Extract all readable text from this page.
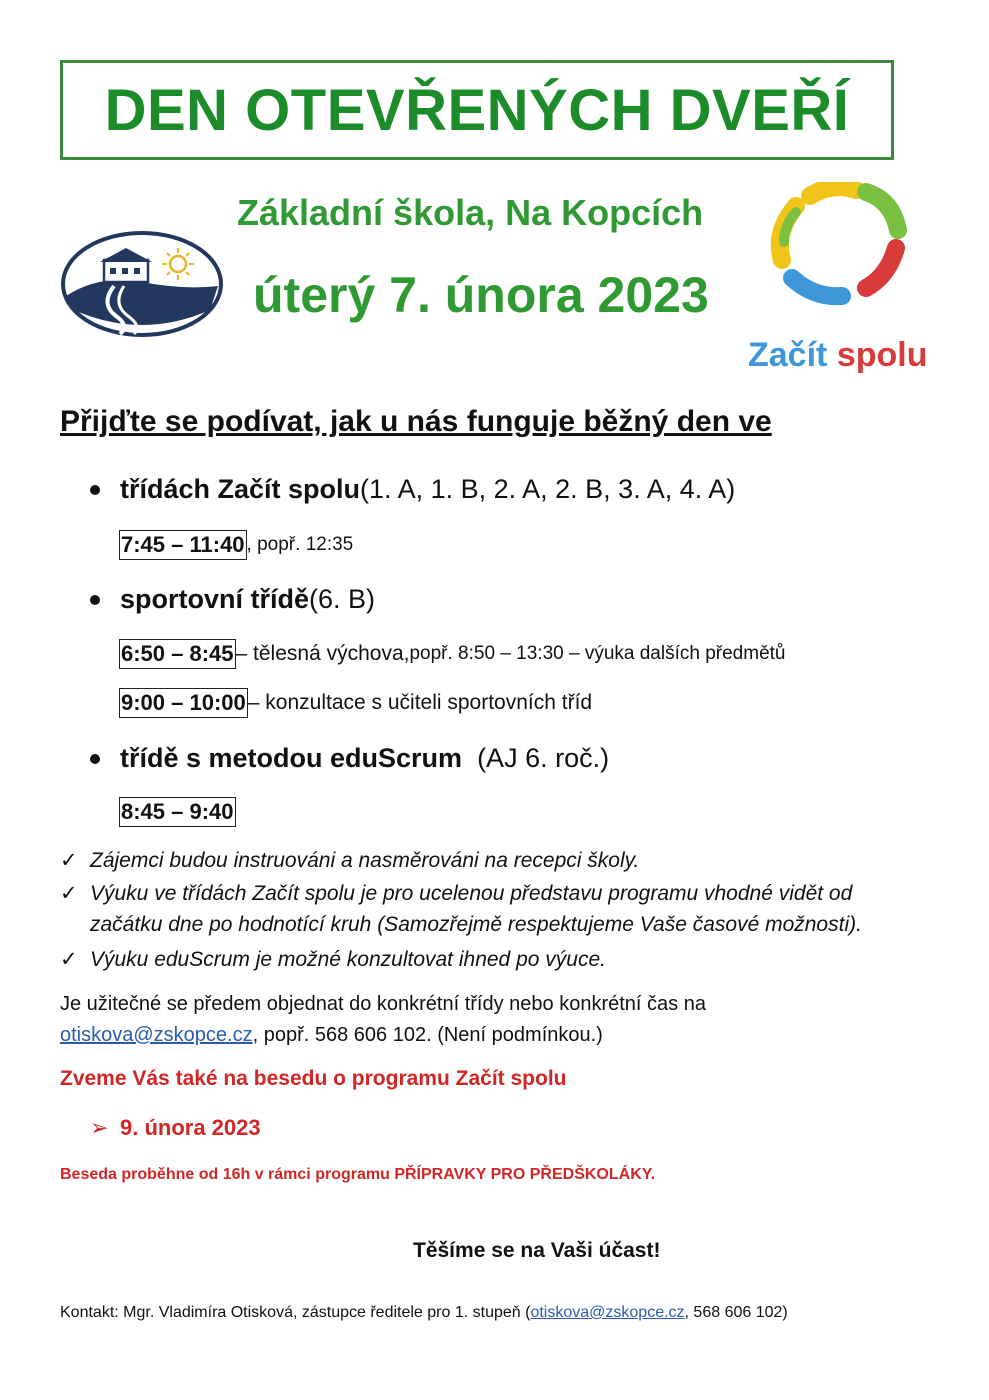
DEN OTEVŘENÝCH DVEŘÍ
Základní škola, Na Kopcích
úterý 7. února 2023
Začít spolu
Přijďte se podívat, jak u nás funguje běžný den ve
třídách Začít spolu (1. A, 1. B, 2. A, 2. B, 3. A, 4. A)
7:45 – 11:40 , popř. 12:35
sportovní třídě (6. B)
6:50 – 8:45 – tělesná výchova, popř. 8:50 – 13:30 – výuka dalších předmětů
9:00 – 10:00 – konzultace s učiteli sportovních tříd
třídě s metodou eduScrum (AJ 6. roč.)
8:45 – 9:40
✓ Zájemci budou instruováni a nasměrováni na recepci školy.
✓ Výuku ve třídách Začít spolu je pro ucelenou představu programu vhodné vidět od
začátku dne po hodnotící kruh (Samozřejmě respektujeme Vaše časové možnosti).
✓ Výuku eduScrum je možné konzultovat ihned po výuce.
Je užitečné se předem objednat do konkrétní třídy nebo konkrétní čas na
otiskova@zskopce.cz, popř. 568 606 102. (Není podmínkou.)
Zveme Vás také na besedu o programu Začít spolu
➢ 9. února 2023
Beseda proběhne od 16h v rámci programu PŘÍPRAVKY PRO PŘEDŠKOLÁKY.
Těšíme se na Vaši účast!
Kontakt: Mgr. Vladimíra Otisková, zástupce ředitele pro 1. stupeň (otiskova@zskopce.cz, 568 606 102)
